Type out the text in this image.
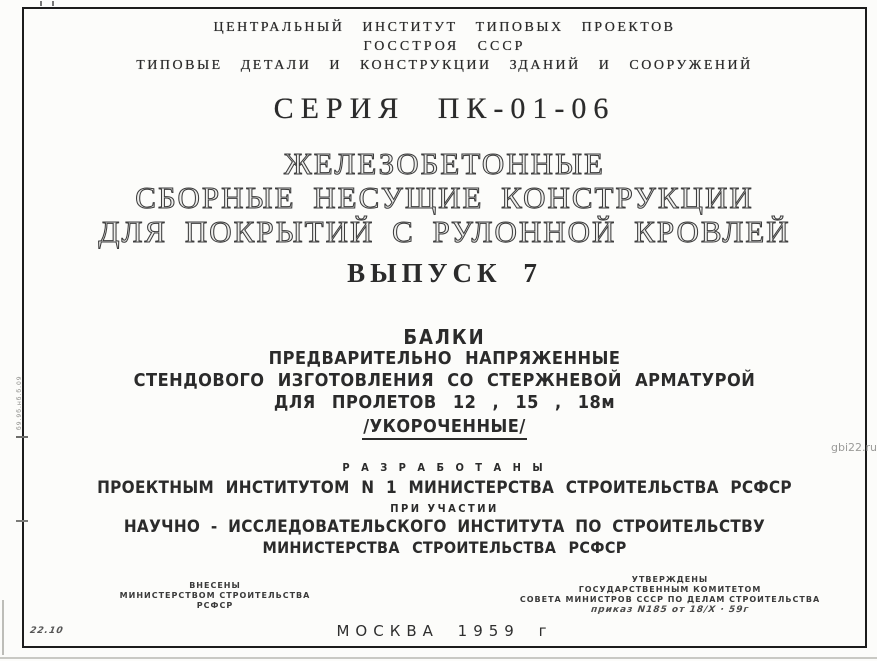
ЦЕНТРАЛЬНЫЙ ИНСТИТУТ ТИПОВЫХ ПРОЕКТОВ
ГОССТРОЯ СССР
ТИПОВЫЕ ДЕТАЛИ И КОНСТРУКЦИИ ЗДАНИЙ И СООРУЖЕНИЙ
СЕРИЯ ПК-01-06
ЖЕЛЕЗОБЕТОННЫЕ
СБОРНЫЕ НЕСУЩИЕ КОНСТРУКЦИИ
ДЛЯ ПОКРЫТИЙ С РУЛОННОЙ КРОВЛЕЙ
ВЫПУСК 7
БАЛКИ
ПРЕДВАРИТЕЛЬНО НАПРЯЖЕННЫЕ
СТЕНДОВОГО ИЗГОТОВЛЕНИЯ СО СТЕРЖНЕВОЙ АРМАТУРОЙ
ДЛЯ ПРОЛЕТОВ 12 , 15 , 18м
/УКОРОЧЕННЫЕ/
Р А З Р А Б О Т А Н Ы
ПРОЕКТНЫМ ИНСТИТУТОМ N 1 МИНИСТЕРСТВА СТРОИТЕЛЬСТВА РСФСР
ПРИ УЧАСТИИ
НАУЧНО - ИССЛЕДОВАТЕЛЬСКОГО ИНСТИТУТА ПО СТРОИТЕЛЬСТВУ
МИНИСТЕРСТВА СТРОИТЕЛЬСТВА РСФСР
ВНЕСЕНЫ
МИНИСТЕРСТВОМ СТРОИТЕЛЬСТВА
РСФСР
УТВЕРЖДЕНЫ
ГОСУДАРСТВЕННЫМ КОМИТЕТОМ
СОВЕТА МИНИСТРОВ СССР ПО ДЕЛАМ СТРОИТЕЛЬСТВА
приказ N185 от 18/X · 59г
МОСКВА 1959 г
22.10
б9.9б.нб.б.09
gbi22.ru
